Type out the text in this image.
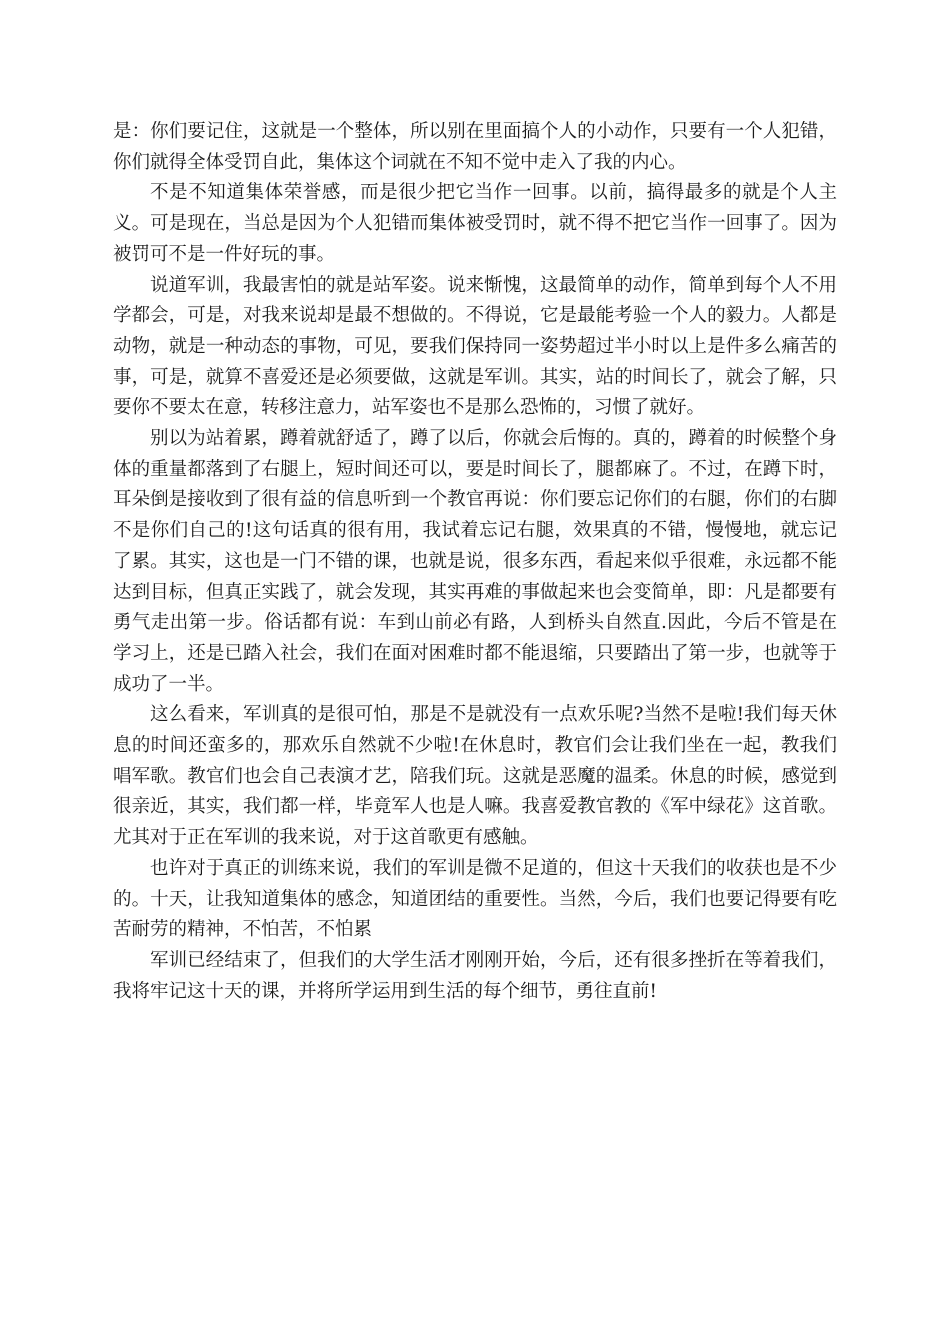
是：你们要记住，这就是一个整体，所以别在里面搞个人的小动作，只要有一个人犯错，你们就得全体受罚自此，集体这个词就在不知不觉中走入了我的内心。

不是不知道集体荣誉感，而是很少把它当作一回事。以前，搞得最多的就是个人主义。可是现在，当总是因为个人犯错而集体被受罚时，就不得不把它当作一回事了。因为被罚可不是一件好玩的事。

说道军训，我最害怕的就是站军姿。说来惭愧，这最简单的动作，简单到每个人不用学都会，可是，对我来说却是最不想做的。不得说，它是最能考验一个人的毅力。人都是动物，就是一种动态的事物，可见，要我们保持同一姿势超过半小时以上是件多么痛苦的事，可是，就算不喜爱还是必须要做，这就是军训。其实，站的时间长了，就会了解，只要你不要太在意，转移注意力，站军姿也不是那么恐怖的，习惯了就好。

别以为站着累，蹲着就舒适了，蹲了以后，你就会后悔的。真的，蹲着的时候整个身体的重量都落到了右腿上，短时间还可以，要是时间长了，腿都麻了。不过，在蹲下时，耳朵倒是接收到了很有益的信息听到一个教官再说：你们要忘记你们的右腿，你们的右脚不是你们自己的!这句话真的很有用，我试着忘记右腿，效果真的不错，慢慢地，就忘记了累。其实，这也是一门不错的课，也就是说，很多东西，看起来似乎很难，永远都不能达到目标，但真正实践了，就会发现，其实再难的事做起来也会变简单，即：凡是都要有勇气走出第一步。俗话都有说：车到山前必有路，人到桥头自然直.因此，今后不管是在学习上，还是已踏入社会，我们在面对困难时都不能退缩，只要踏出了第一步，也就等于成功了一半。

这么看来，军训真的是很可怕，那是不是就没有一点欢乐呢?当然不是啦!我们每天休息的时间还蛮多的，那欢乐自然就不少啦!在休息时，教官们会让我们坐在一起，教我们唱军歌。教官们也会自己表演才艺，陪我们玩。这就是恶魔的温柔。休息的时候，感觉到很亲近，其实，我们都一样，毕竟军人也是人嘛。我喜爱教官教的《军中绿花》这首歌。尤其对于正在军训的我来说，对于这首歌更有感触。

也许对于真正的训练来说，我们的军训是微不足道的，但这十天我们的收获也是不少的。十天，让我知道集体的感念，知道团结的重要性。当然，今后，我们也要记得要有吃苦耐劳的精神，不怕苦，不怕累

军训已经结束了，但我们的大学生活才刚刚开始，今后，还有很多挫折在等着我们，我将牢记这十天的课，并将所学运用到生活的每个细节，勇往直前!
